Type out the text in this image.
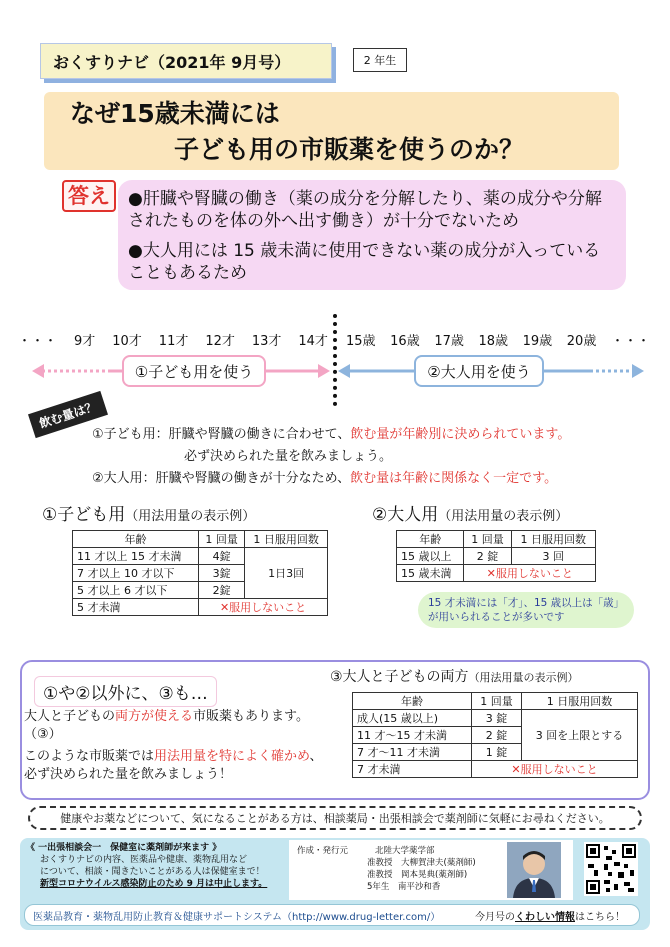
おくすりナビ（2021年 9月号）	2 年生
なぜ15歳未満には
子ども用の市販薬を使うのか？
答え	●肝臓や腎臓の働き（薬の成分を分解したり、薬の成分や分解されたものを体の外へ出す働き）が十分でないため
●大人用には 15 歳未満に使用できない薬の成分が入っていることもあるため
・・・ 9才 10才 11才 12才 13才 14才 15歳 16歳 17歳 18歳 19歳 20歳 ・・・
①子ども用を使う	②大人用を使う
飲む量は？
①子ども用：肝臓や腎臓の働きに合わせて、飲む量が年齢別に決められています。
必ず決められた量を飲みましょう。
②大人用：肝臓や腎臓の働きが十分なため、飲む量は年齢に関係なく一定です。
①子ども用（用法用量の表示例）
年齢	1 回量	1 日服用回数
11 才以上 15 才未満	4錠	1日3回
7 才以上 10 才以下	3錠	
5 才以上 6 才以下	2錠	
5 才未満	✕服用しないこと	
②大人用（用法用量の表示例）
年齢	1 回量	1 日服用回数
15 歳以上	2 錠	3 回
15 歳未満	✕服用しないこと	
15 才未満には「才」、15 歳以上は「歳」が用いられることが多いです
①や②以外に、③も…
大人と子どもの両方が使える市販薬もあります。
（③）
このような市販薬では用法用量を特によく確かめ、
必ず決められた量を飲みましょう！
③大人と子どもの両方（用法用量の表示例）
年齢	1 回量	1 日服用回数
成人(15 歳以上)	3 錠	3 回を上限とする
11 才～15 才未満	2 錠	
7 才～11 才未満	1 錠	
7 才未満	✕服用しないこと	
健康やお薬などについて、気になることがある方は、相談薬局・出張相談会で薬剤師に気軽にお尋ねください。
《 一出張相談会一　保健室に薬剤師が来ます 》
おくすりナビの内容、医薬品や健康、薬物乱用など
について、相談・聞きたいことがある人は保健室まで！
新型コロナウイルス感染防止のため 9 月は中止します。
作成・発行元	北陸大学薬学部
准教授　大柳賀津夫(薬剤師)
准教授　岡本晃典(薬剤師)
5年生　南平沙和香
医薬品教育・薬物乱用防止教育＆健康サポートシステム（http://www.drug-letter.com/）	今月号のくわしい情報はこちら！
